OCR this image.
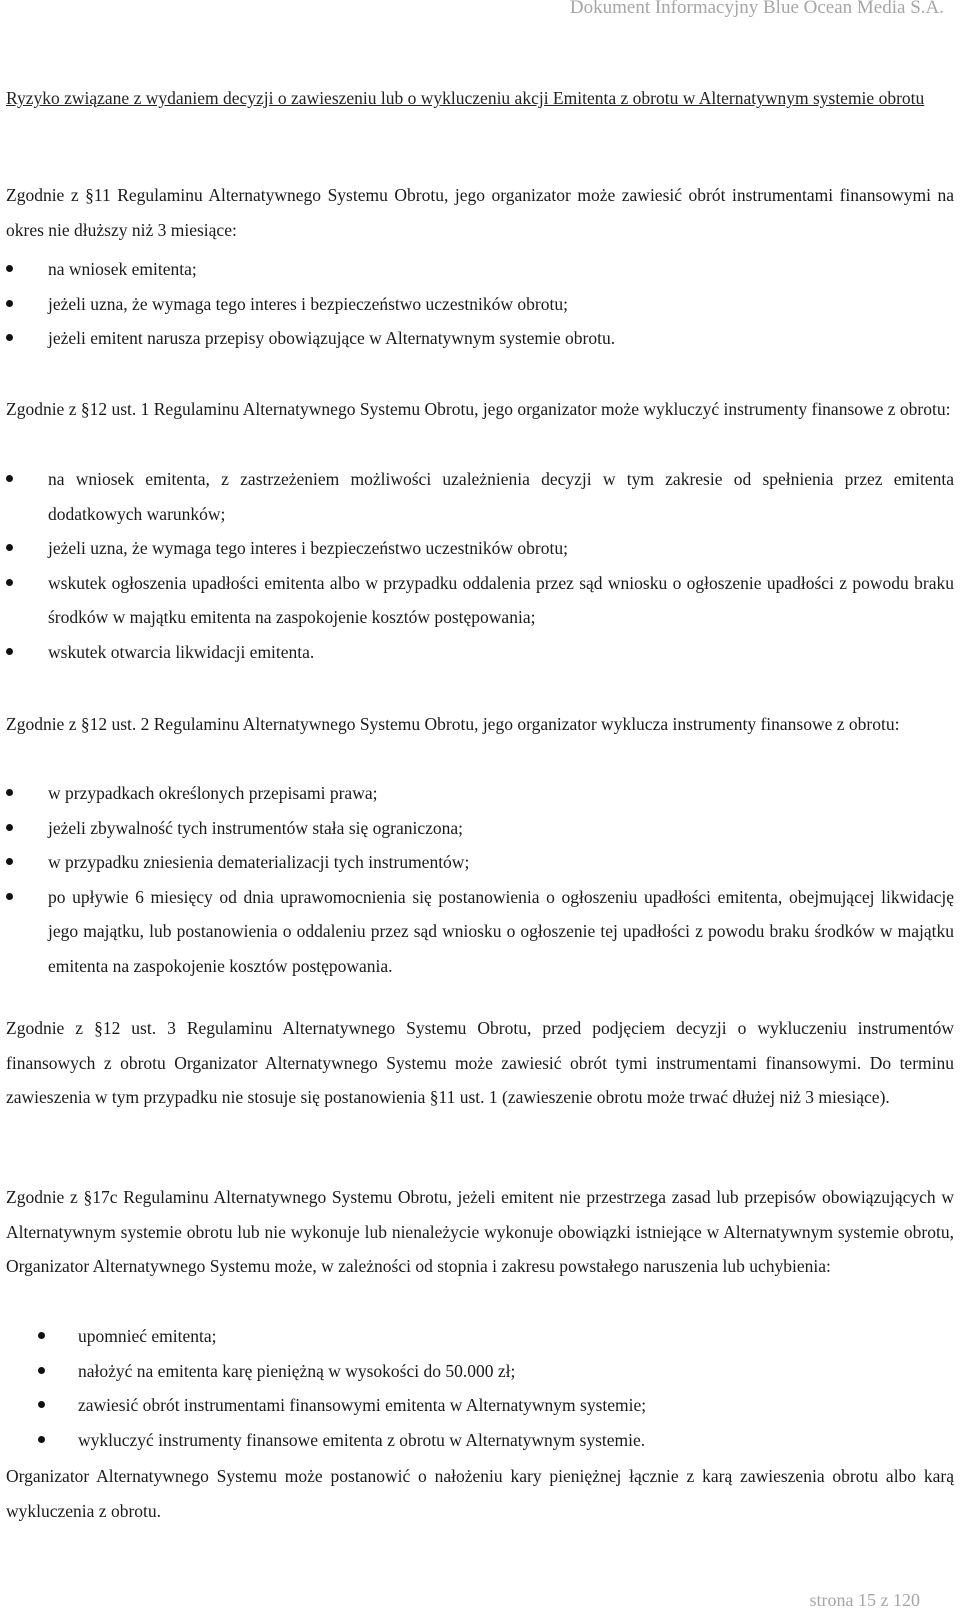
Dokument Informacyjny Blue Ocean Media S.A.
Ryzyko związane z wydaniem decyzji o zawieszeniu lub o wykluczeniu akcji Emitenta z obrotu w Alternatywnym systemie obrotu
Zgodnie z §11 Regulaminu Alternatywnego Systemu Obrotu, jego organizator może zawiesić obrót instrumentami finansowymi na okres nie dłuższy niż 3 miesiące:
na wniosek emitenta;
jeżeli uzna, że wymaga tego interes i bezpieczeństwo uczestników obrotu;
jeżeli emitent narusza przepisy obowiązujące w Alternatywnym systemie obrotu.
Zgodnie z §12 ust. 1 Regulaminu Alternatywnego Systemu Obrotu, jego organizator może wykluczyć instrumenty finansowe z obrotu:
na wniosek emitenta, z zastrzeżeniem możliwości uzależnienia decyzji w tym zakresie od spełnienia przez emitenta dodatkowych warunków;
jeżeli uzna, że wymaga tego interes i bezpieczeństwo uczestników obrotu;
wskutek ogłoszenia upadłości emitenta albo w przypadku oddalenia przez sąd wniosku o ogłoszenie upadłości z powodu braku środków w majątku emitenta na zaspokojenie kosztów postępowania;
wskutek otwarcia likwidacji emitenta.
Zgodnie z §12 ust. 2 Regulaminu Alternatywnego Systemu Obrotu, jego organizator wyklucza instrumenty finansowe z obrotu:
w przypadkach określonych przepisami prawa;
jeżeli zbywalność tych instrumentów stała się ograniczona;
w przypadku zniesienia dematerializacji tych instrumentów;
po upływie 6 miesięcy od dnia uprawomocnienia się postanowienia o ogłoszeniu upadłości emitenta, obejmującej likwidację jego majątku, lub postanowienia o oddaleniu przez sąd wniosku o ogłoszenie tej upadłości z powodu braku środków w majątku emitenta na zaspokojenie kosztów postępowania.
Zgodnie z §12 ust. 3 Regulaminu Alternatywnego Systemu Obrotu, przed podjęciem decyzji o wykluczeniu instrumentów finansowych z obrotu Organizator Alternatywnego Systemu może zawiesić obrót tymi instrumentami finansowymi. Do terminu zawieszenia w tym przypadku nie stosuje się postanowienia §11 ust. 1 (zawieszenie obrotu może trwać dłużej niż 3 miesiące).
Zgodnie z §17c Regulaminu Alternatywnego Systemu Obrotu, jeżeli emitent nie przestrzega zasad lub przepisów obowiązujących w Alternatywnym systemie obrotu lub nie wykonuje lub nienależycie wykonuje obowiązki istniejące w Alternatywnym systemie obrotu, Organizator Alternatywnego Systemu może, w zależności od stopnia i zakresu powstałego naruszenia lub uchybienia:
upomnieć emitenta;
nałożyć na emitenta karę pieniężną w wysokości do 50.000 zł;
zawiesić obrót instrumentami finansowymi emitenta w Alternatywnym systemie;
wykluczyć instrumenty finansowe emitenta z obrotu w Alternatywnym systemie.
Organizator Alternatywnego Systemu może postanowić o nałożeniu kary pieniężnej łącznie z karą zawieszenia obrotu albo karą wykluczenia z obrotu.
strona 15 z 120
